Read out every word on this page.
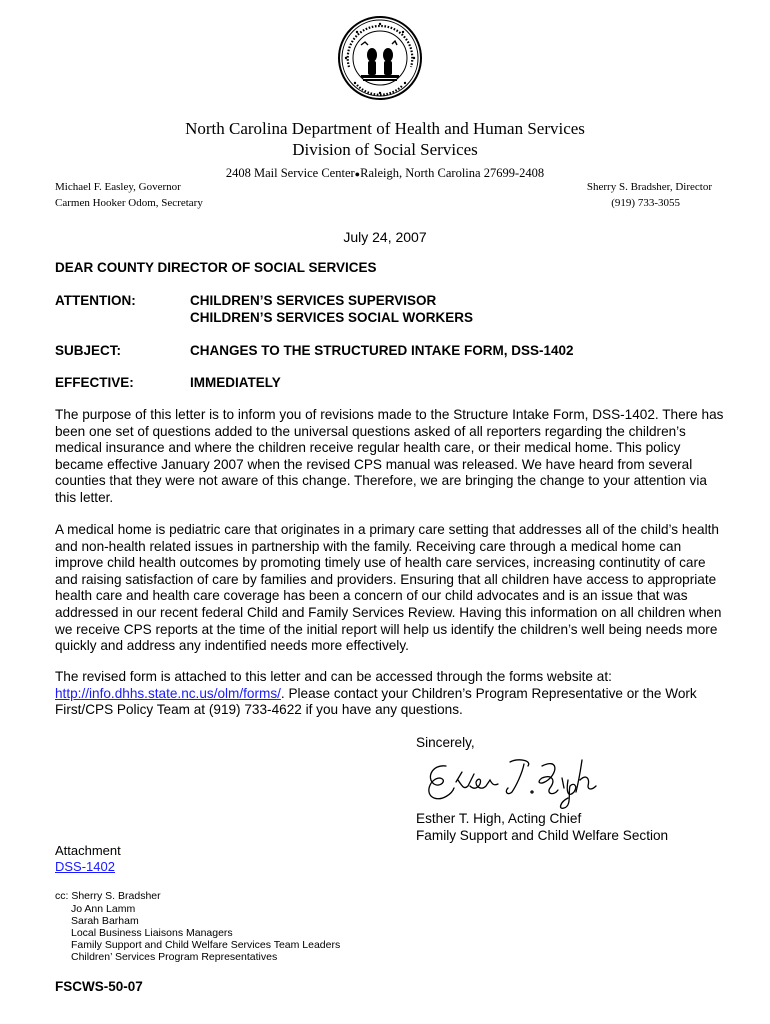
North Carolina Department of Health and Human Services
Division of Social Services
2408 Mail Service Center●Raleigh, North Carolina 27699-2408
Michael F. Easley, Governor
Carmen Hooker Odom, Secretary
Sherry S. Bradsher, Director
(919) 733-3055
July 24, 2007
DEAR COUNTY DIRECTOR OF SOCIAL SERVICES
ATTENTION:	CHILDREN’S SERVICES SUPERVISOR
CHILDREN’S SERVICES SOCIAL WORKERS
SUBJECT:	CHANGES TO THE STRUCTURED INTAKE FORM, DSS-1402
EFFECTIVE:	IMMEDIATELY

The purpose of this letter is to inform you of revisions made to the Structure Intake Form, DSS-1402. There has been one set of questions added to the universal questions asked of all reporters regarding the children’s medical insurance and where the children receive regular health care, or their medical home. This policy became effective January 2007 when the revised CPS manual was released. We have heard from several counties that they were not aware of this change. Therefore, we are bringing the change to your attention via this letter.

A medical home is pediatric care that originates in a primary care setting that addresses all of the child’s health and non-health related issues in partnership with the family. Receiving care through a medical home can improve child health outcomes by promoting timely use of health care services, increasing continutity of care and raising satisfaction of care by families and providers. Ensuring that all children have access to appropriate health care and health care coverage has been a concern of our child advocates and is an issue that was addressed in our recent federal Child and Family Services Review. Having this information on all children when we receive CPS reports at the time of the initial report will help us identify the children’s well being needs more quickly and address any indentified needs more effectively.

The revised form is attached to this letter and can be accessed through the forms website at:
http://info.dhhs.state.nc.us/olm/forms/. Please contact your Children’s Program Representative or the Work First/CPS Policy Team at (919) 733-4622 if you have any questions.

Sincerely,
Esther T. High, Acting Chief
Family Support and Child Welfare Section
Attachment
DSS-1402
cc: Sherry S. Bradsher
Jo Ann Lamm
Sarah Barham
Local Business Liaisons Managers
Family Support and Child Welfare Services Team Leaders
Children’ Services Program Representatives
FSCWS-50-07
